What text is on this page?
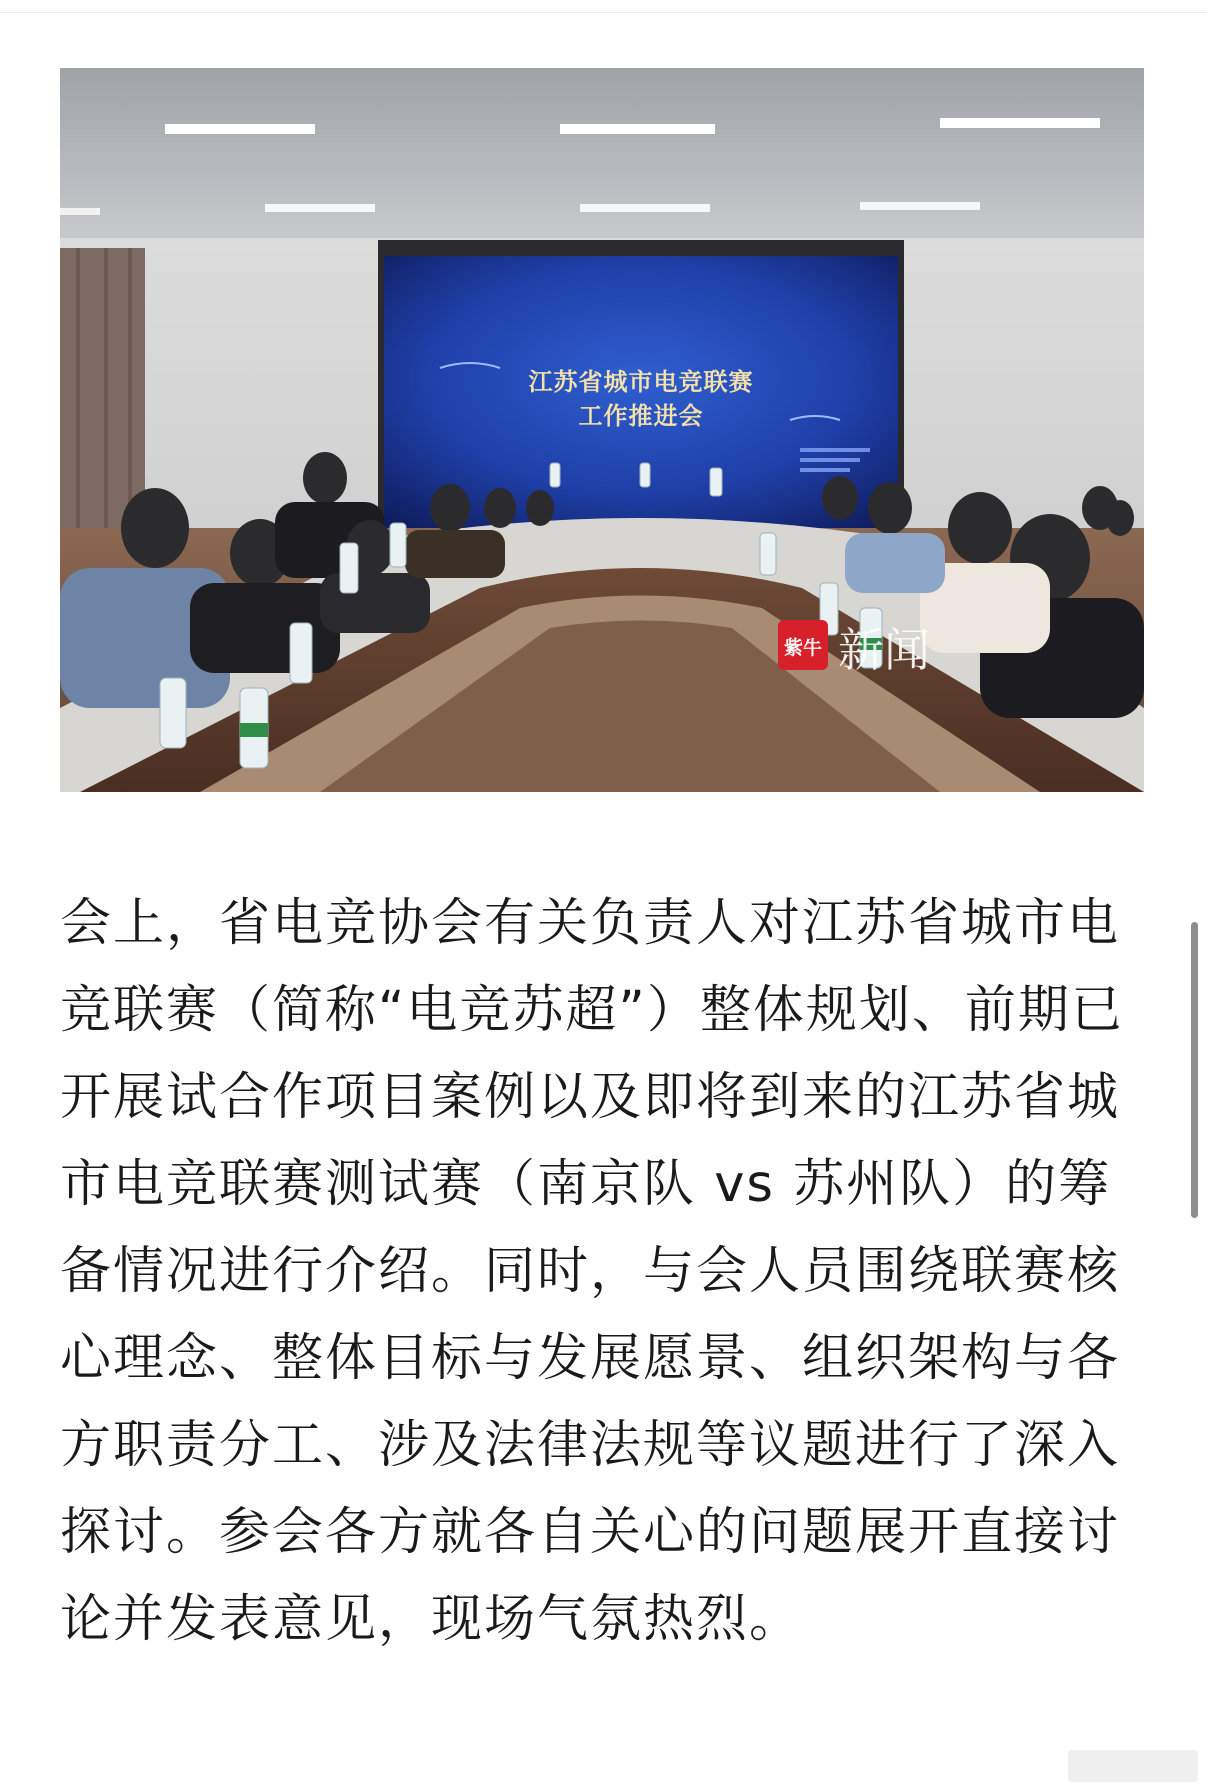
江苏省城市电竞联赛
工作推进会
紫牛 新闻

会上，省电竞协会有关负责人对江苏省城市电竞联赛（简称“电竞苏超”）整体规划、前期已开展试合作项目案例以及即将到来的江苏省城市电竞联赛测试赛（南京队 vs 苏州队）的筹备情况进行介绍。同时，与会人员围绕联赛核心理念、整体目标与发展愿景、组织架构与各方职责分工、涉及法律法规等议题进行了深入探讨。参会各方就各自关心的问题展开直接讨论并发表意见，现场气氛热烈。
